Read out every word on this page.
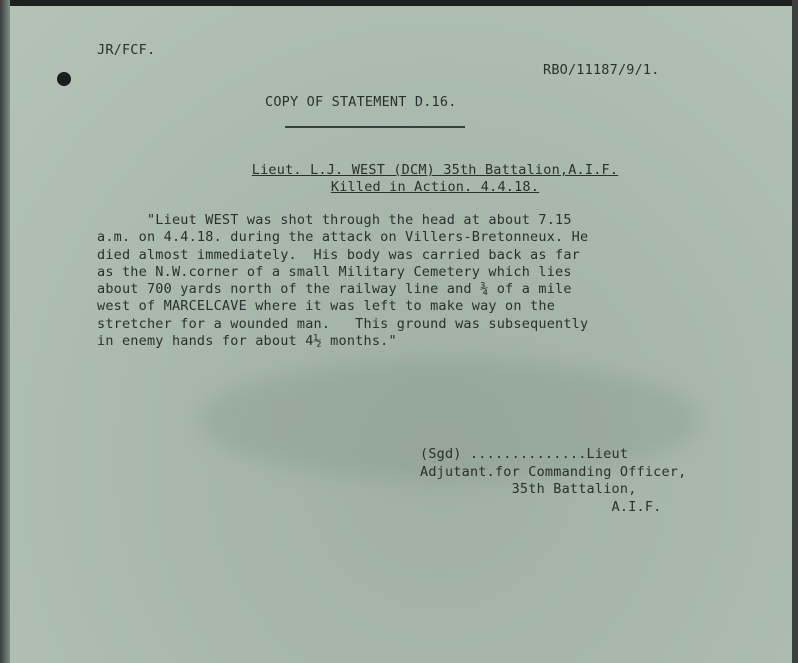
JR/FCF.
RBO/11187/9/1.
COPY OF STATEMENT D.16.
Lieut. L.J. WEST (DCM) 35th Battalion,A.I.F.
Killed in Action. 4.4.18.
"Lieut WEST was shot through the head at about 7.15
a.m. on 4.4.18. during the attack on Villers-Bretonneux. He
died almost immediately.  His body was carried back as far
as the N.W.corner of a small Military Cemetery which lies
about 700 yards north of the railway line and ¾ of a mile
west of MARCELCAVE where it was left to make way on the
stretcher for a wounded man.   This ground was subsequently
in enemy hands for about 4½ months."
(Sgd) ..............Lieut
Adjutant.for Commanding Officer,
35th Battalion,
A.I.F.
